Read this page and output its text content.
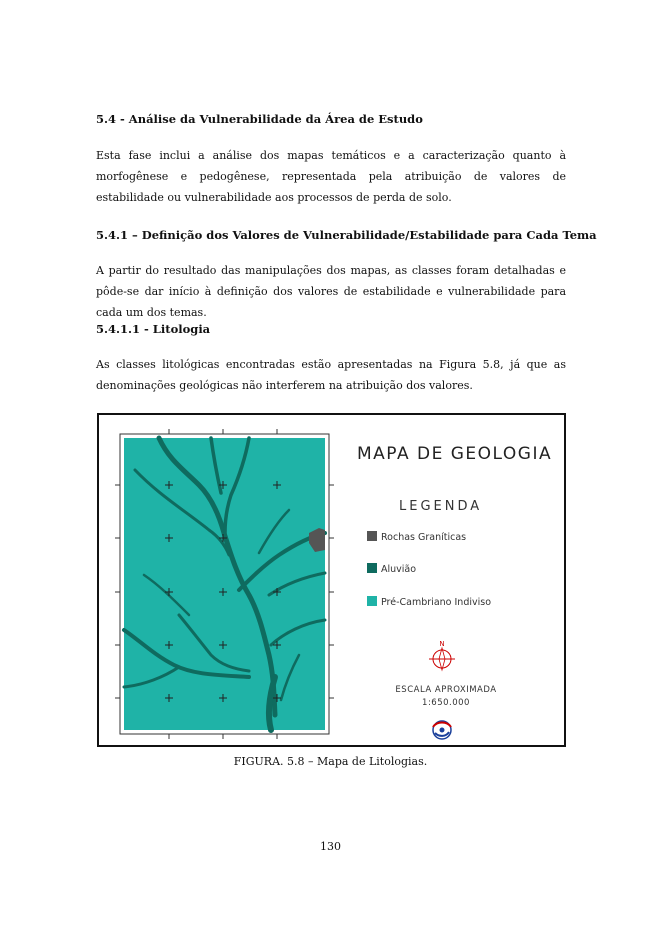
5.4 - Análise da Vulnerabilidade da Área de Estudo
Esta fase inclui a análise dos mapas temáticos e a caracterização quanto à morfogênese e pedogênese, representada pela atribuição de valores de estabilidade ou vulnerabilidade aos processos de perda de solo.
5.4.1 – Definição dos Valores de Vulnerabilidade/Estabilidade para Cada Tema
A partir do resultado das manipulações dos mapas, as classes foram detalhadas e pôde-se dar início à definição dos valores de estabilidade e vulnerabilidade para cada um dos temas.
5.4.1.1 - Litologia
As classes litológicas encontradas estão apresentadas na Figura 5.8, já que as denominações geológicas não interferem na atribuição dos valores.
MAPA DE GEOLOGIA
LEGENDA
Rochas Graníticas
Aluvião
Pré-Cambriano Indiviso
N
ESCALA APROXIMADA
1:650.000
FIGURA. 5.8 – Mapa de Litologias.
130
